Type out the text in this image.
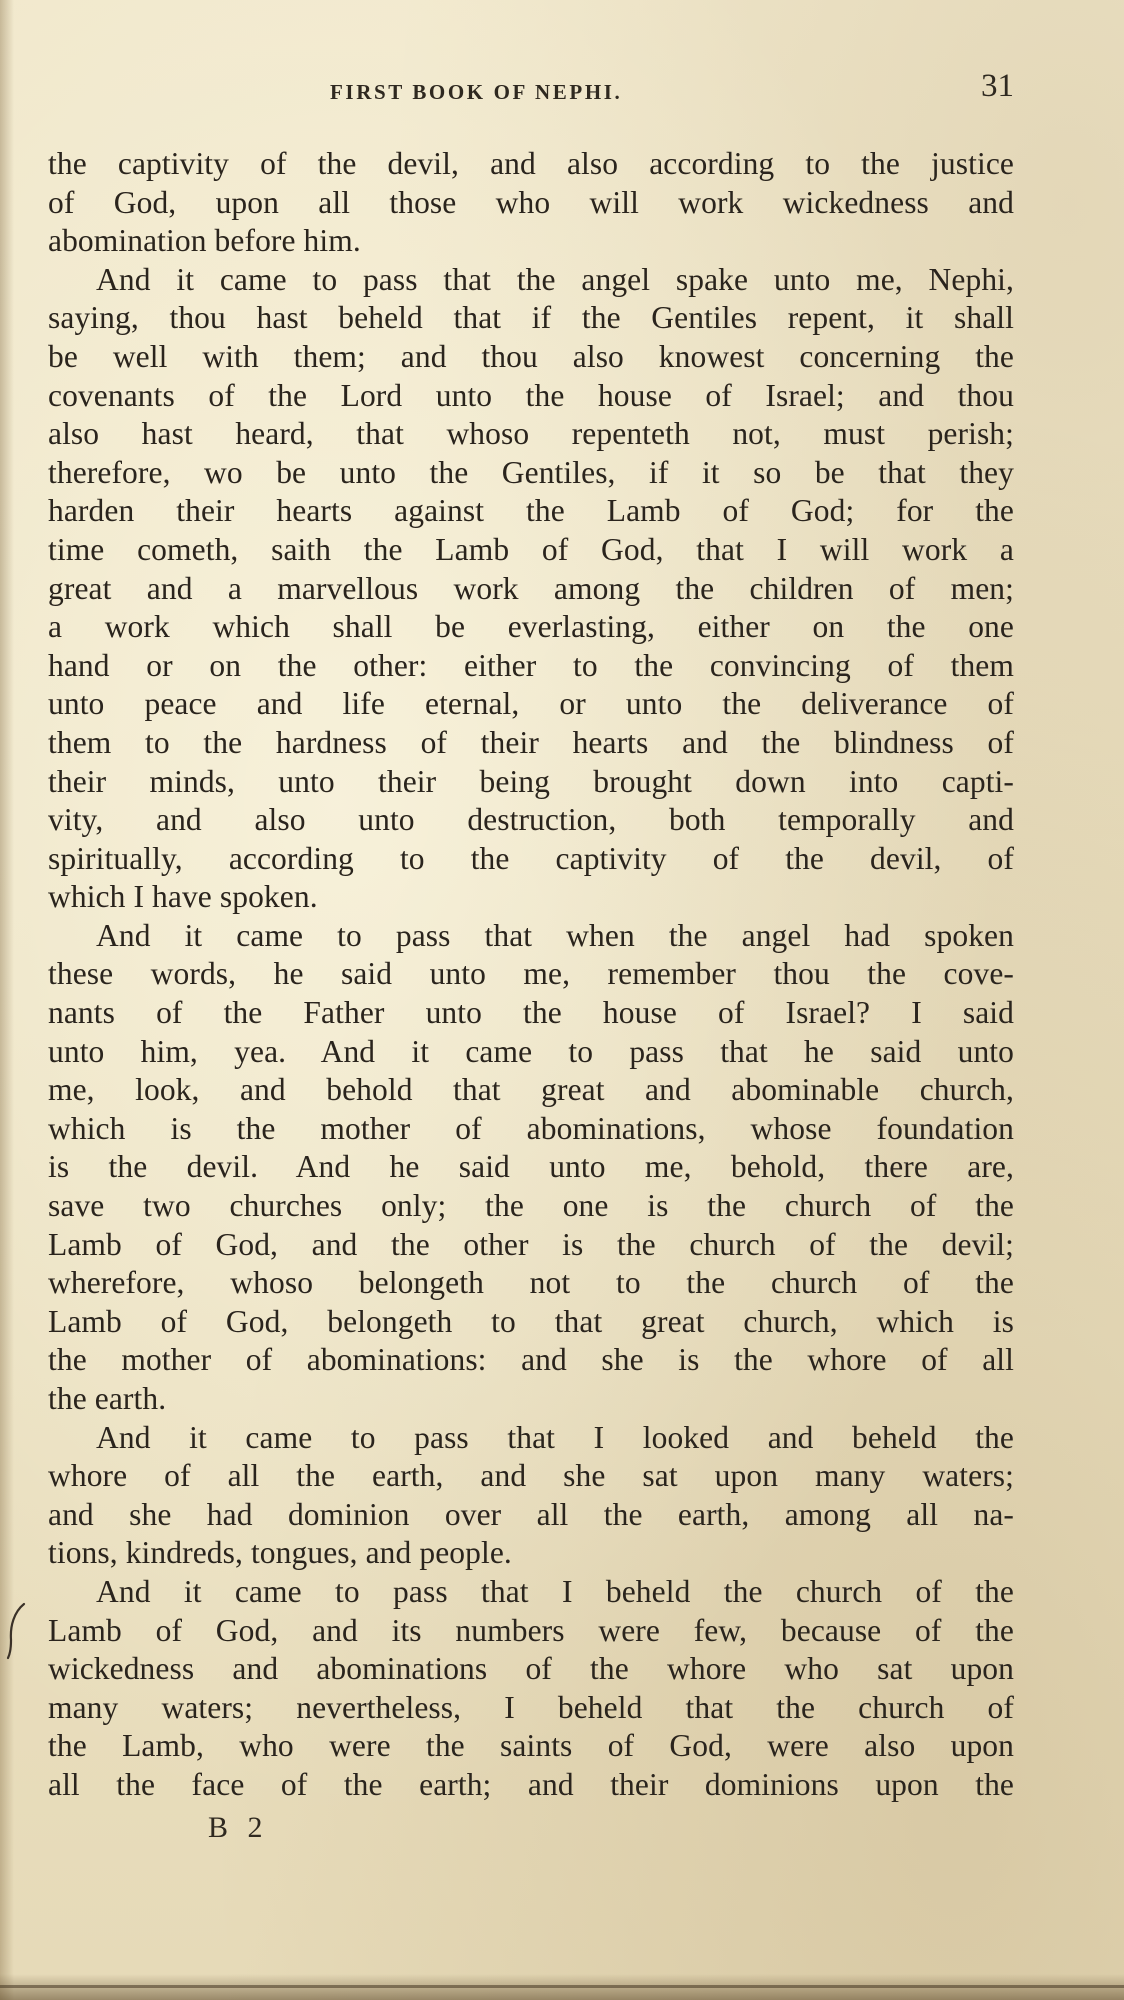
FIRST BOOK OF NEPHI.	31
the captivity of the devil, and also according to the justice
of God, upon all those who will work wickedness and
abomination before him.
And it came to pass that the angel spake unto me, Nephi,
saying, thou hast beheld that if the Gentiles repent, it shall
be well with them; and thou also knowest concerning the
covenants of the Lord unto the house of Israel; and thou
also hast heard, that whoso repenteth not, must perish;
therefore, wo be unto the Gentiles, if it so be that they
harden their hearts against the Lamb of God; for the
time cometh, saith the Lamb of God, that I will work a
great and a marvellous work among the children of men;
a work which shall be everlasting, either on the one
hand or on the other: either to the convincing of them
unto peace and life eternal, or unto the deliverance of
them to the hardness of their hearts and the blindness of
their minds, unto their being brought down into capti-
vity, and also unto destruction, both temporally and
spiritually, according to the captivity of the devil, of
which I have spoken.
And it came to pass that when the angel had spoken
these words, he said unto me, remember thou the cove-
nants of the Father unto the house of Israel? I said
unto him, yea. And it came to pass that he said unto
me, look, and behold that great and abominable church,
which is the mother of abominations, whose foundation
is the devil. And he said unto me, behold, there are,
save two churches only; the one is the church of the
Lamb of God, and the other is the church of the devil;
wherefore, whoso belongeth not to the church of the
Lamb of God, belongeth to that great church, which is
the mother of abominations: and she is the whore of all
the earth.
And it came to pass that I looked and beheld the
whore of all the earth, and she sat upon many waters;
and she had dominion over all the earth, among all na-
tions, kindreds, tongues, and people.
And it came to pass that I beheld the church of the
Lamb of God, and its numbers were few, because of the
wickedness and abominations of the whore who sat upon
many waters; nevertheless, I beheld that the church of
the Lamb, who were the saints of God, were also upon
all the face of the earth; and their dominions upon the
B 2
